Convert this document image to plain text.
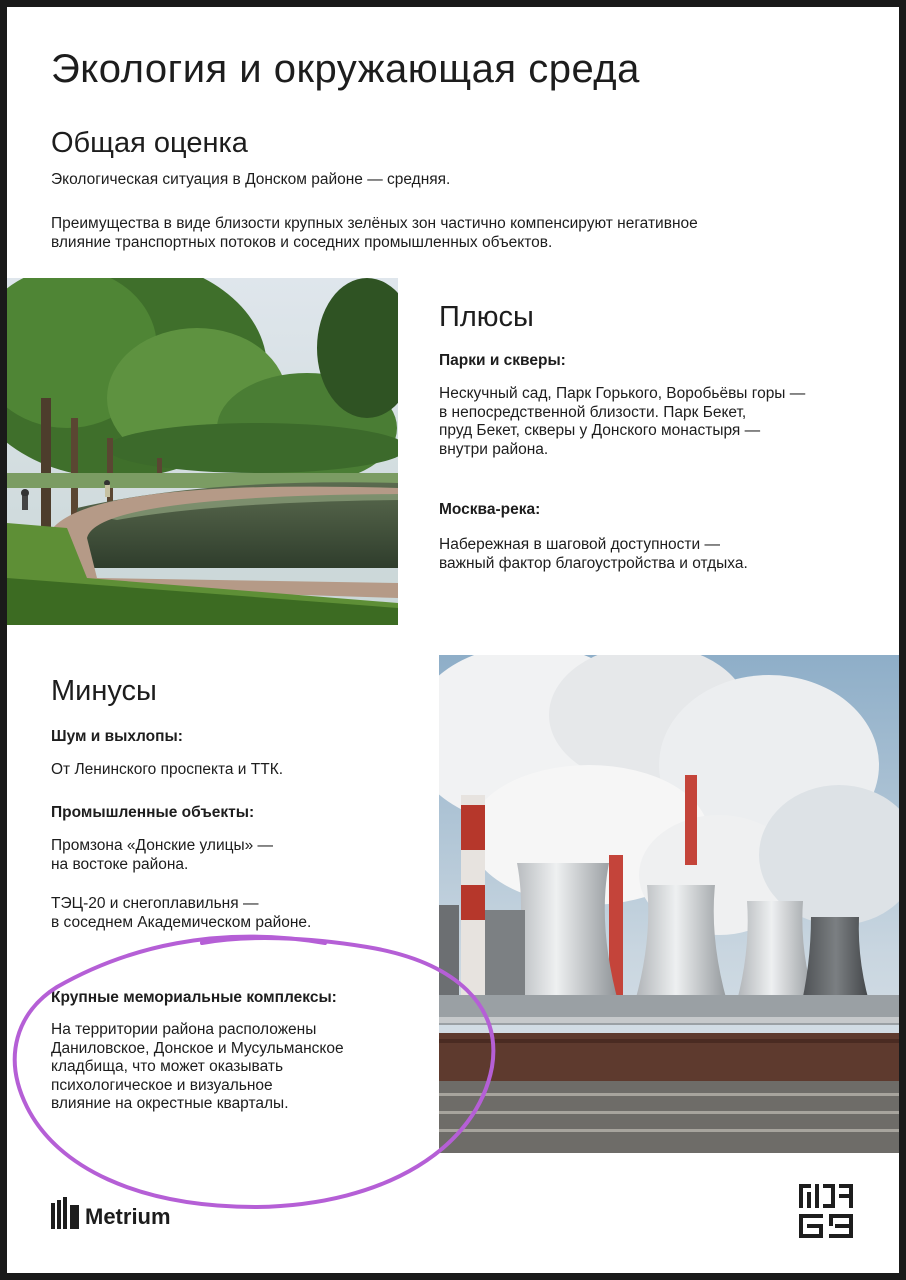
Экология и окружающая среда
Общая оценка

Экологическая ситуация в Донском районе — средняя.

Преимущества в виде близости крупных зелёных зон частично компенсируют негативное
влияние транспортных потоков и соседних промышленных объектов.

Плюсы

Парки и скверы:

Нескучный сад, Парк Горького, Воробьёвы горы —
в непосредственной близости. Парк Бекет,
пруд Бекет, скверы у Донского монастыря —
внутри района.

Москва-река:

Набережная в шаговой доступности —
важный фактор благоустройства и отдыха.

Минусы

Шум и выхлопы:

От Ленинского проспекта и ТТК.

Промышленные объекты:

Промзона «Донские улицы» —
на востоке района.

ТЭЦ-20 и снегоплавильня —
в соседнем Академическом районе.

Крупные мемориальные комплексы:

На территории района расположены
Даниловское, Донское и Мусульманское
кладбища, что может оказывать
психологическое и визуальное
влияние на окрестные кварталы.

Metrium
